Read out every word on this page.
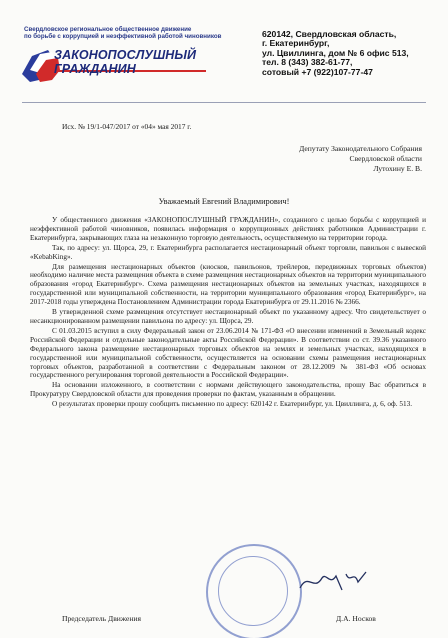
Свердловское региональное общественное движение
по борьбе с коррупцией и неэффективной работой чиновников
ЗАКОНОПОСЛУШНЫЙ
ГРАЖДАНИН
620142, Свердловская область,
г. Екатеринбург,
ул. Цвиллинга, дом № 6 офис 513,
тел. 8 (343) 382-61-77,
сотовый +7 (922)107-77-47
Исх. № 19/1-047/2017 от «04» мая 2017 г.
Депутату Законодательного Собрания
Свердловской области
Лутохину Е. В.
Уважаемый Евгений Владимирович!

У общественного движения «ЗАКОНОПОСЛУШНЫЙ ГРАЖДАНИН», созданного с целью борьбы с коррупцией и неэффективной работой чиновников, появилась информация о коррупционных действиях работников Администрации г. Екатеринбурга, закрывающих глаза на незаконную торговую деятельность, осуществляемую на территории города.

Так, по адресу: ул. Щорса, 29, г. Екатеринбурга располагается нестационарный объект торговли, павильон с вывеской «KebabKing».

Для размещения нестационарных объектов (киосков, павильонов, трейлеров, передвижных торговых объектов) необходимо наличие места размещения объекта в схеме размещения нестационарных объектов на территории муниципального образования «город Екатеринбург». Схема размещения нестационарных объектов на земельных участках, находящихся в государственной или муниципальной собственности, на территории муниципального образования «город Екатеринбург», на 2017-2018 годы утверждена Постановлением Администрации города Екатеринбурга от 29.11.2016 № 2366.

В утвержденной схеме размещения отсутствует нестационарный объект по указанному адресу. Что свидетельствует о несанкционированном размещении павильона по адресу: ул. Щорса, 29.

С 01.03.2015 вступил в силу Федеральный закон от 23.06.2014 № 171-ФЗ «О внесении изменений в Земельный кодекс Российской Федерации и отдельные законодательные акты Российской Федерации». В соответствии со ст. 39.36 указанного Федерального закона размещение нестационарных торговых объектов на землях и земельных участках, находящихся в государственной или муниципальной собственности, осуществляется на основании схемы размещения нестационарных торговых объектов, разработанной в соответствии с Федеральным законом от 28.12.2009 № 381-ФЗ «Об основах государственного регулирования торговой деятельности в Российской Федерации».

На основании изложенного, в соответствии с нормами действующего законодательства, прошу Вас обратиться в Прокуратуру Свердловской области для проведения проверки по фактам, указанным в обращении.

О результатах проверки прошу сообщить письменно по адресу: 620142 г. Екатеринбург, ул. Цвиллинга, д. 6, оф. 513.

Председатель Движения	Д.А. Носков
